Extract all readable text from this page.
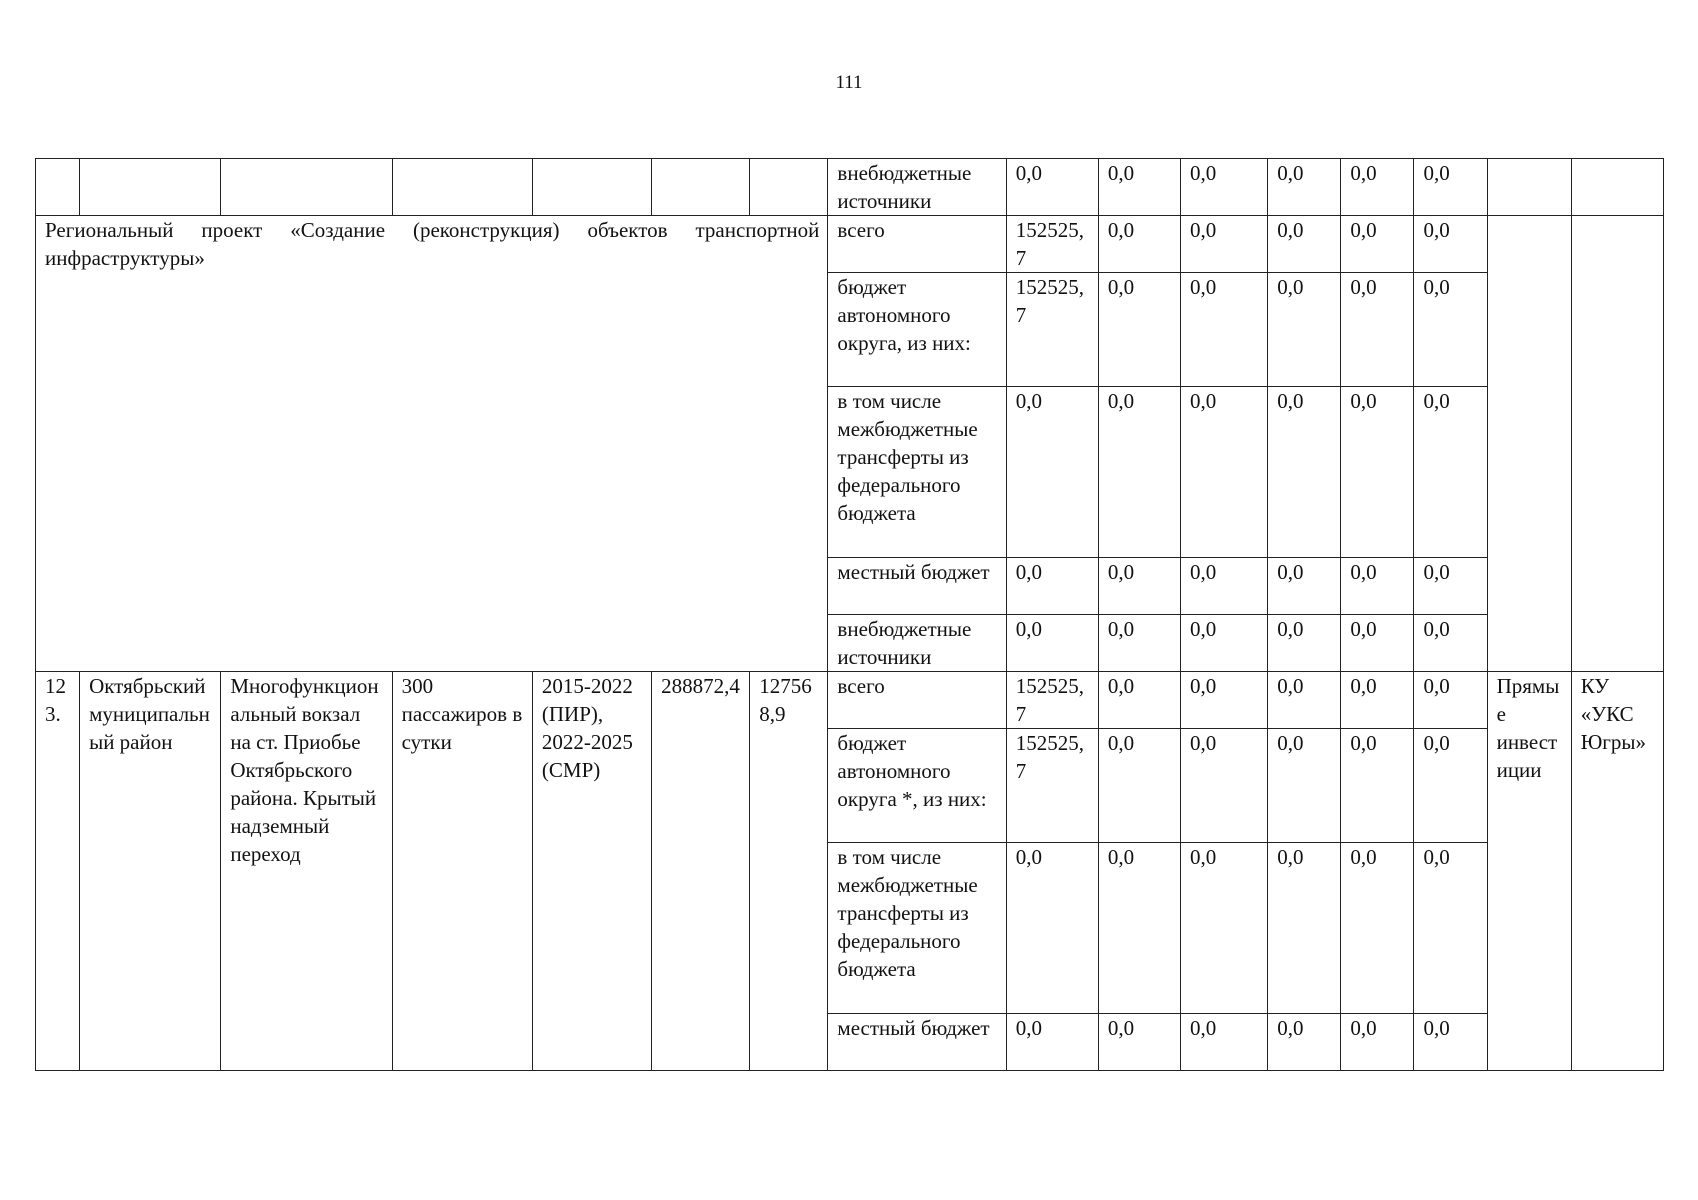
111
							внебюджетные источники	0,0	0,0	0,0	0,0	0,0	0,0		
Региональный проект «Создание (реконструкция) объектов транспортной инфраструктуры»							всего	152525,7	0,0	0,0	0,0	0,0	0,0		
							бюджет автономного округа, из них:	152525,7	0,0	0,0	0,0	0,0	0,0		
							в том числе межбюджетные трансферты из федерального бюджета	0,0	0,0	0,0	0,0	0,0	0,0		
							местный бюджет	0,0	0,0	0,0	0,0	0,0	0,0		
							внебюджетные источники	0,0	0,0	0,0	0,0	0,0	0,0		
123.	Октябрьский муниципальный район	Многофункциональный вокзал на ст. Приобье Октябрьского района. Крытый надземный переход	300 пассажиров в сутки	2015-2022 (ПИР), 2022-2025 (СМР)	288872,4	127568,9	всего	152525,7	0,0	0,0	0,0	0,0	0,0	Прямые инвестиции	КУ «УКС Югры»
							бюджет автономного округа *, из них:	152525,7	0,0	0,0	0,0	0,0	0,0		
							в том числе межбюджетные трансферты из федерального бюджета	0,0	0,0	0,0	0,0	0,0	0,0		
							местный бюджет	0,0	0,0	0,0	0,0	0,0	0,0		
